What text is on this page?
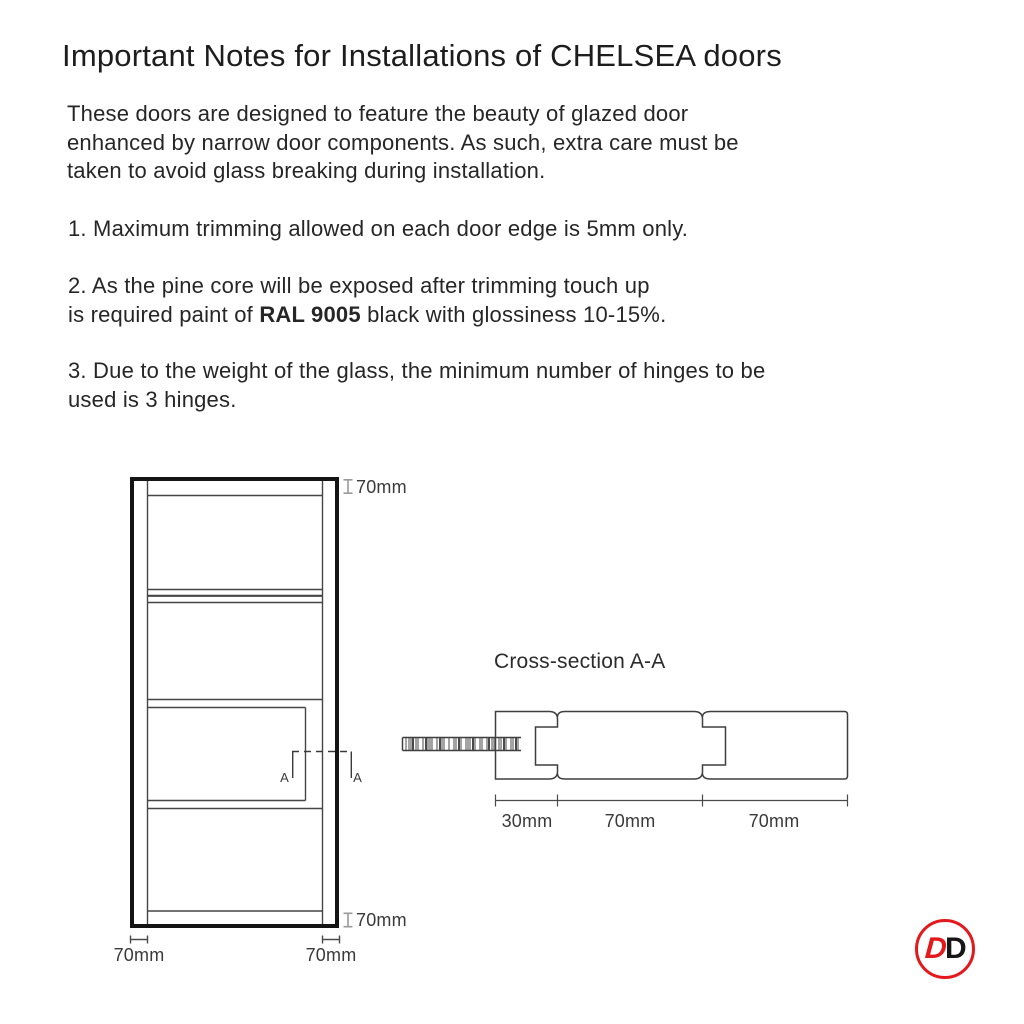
Important Notes for Installations of CHELSEA doors
These doors are designed to feature the beauty of glazed door
enhanced by narrow door components. As such, extra care must be
taken to avoid glass breaking during installation.
1. Maximum trimming allowed on each door edge is 5mm only.
2. As the pine core will be exposed after trimming touch up
is required paint of RAL 9005 black with glossiness 10-15%.
3. Due to the weight of the glass, the minimum number of hinges to be
used is 3 hinges.
70mm
70mm
70mm	70mm
A	A
Cross-section A-A
30mm	70mm	70mm
D
D
